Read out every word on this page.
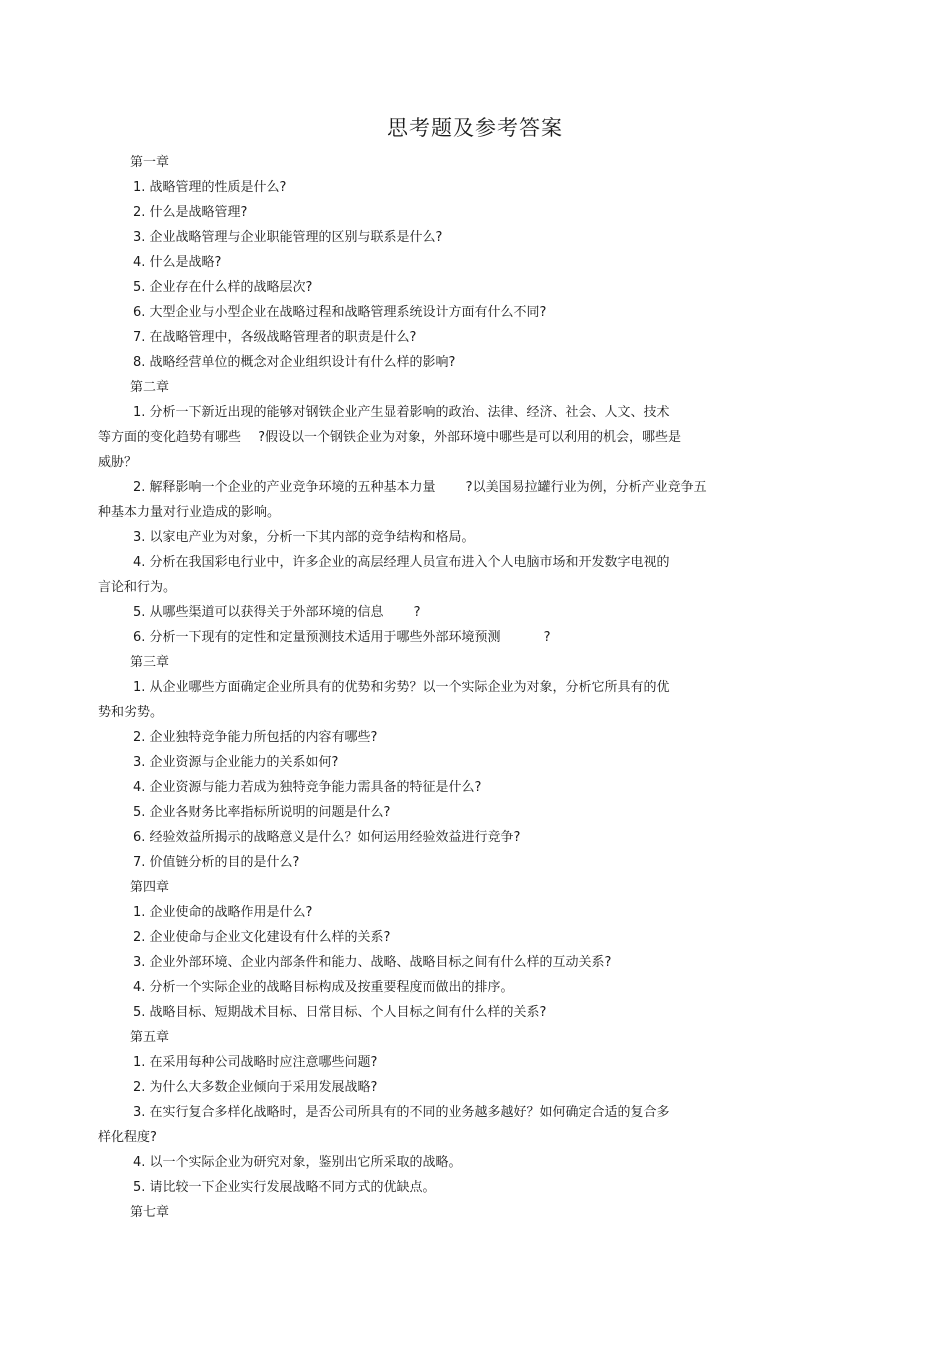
思考题及参考答案

第一章

1. 战略管理的性质是什么?

2. 什么是战略管理?

3. 企业战略管理与企业职能管理的区别与联系是什么?

4. 什么是战略?

5. 企业存在什么样的战略层次?

6. 大型企业与小型企业在战略过程和战略管理系统设计方面有什么不同?

7. 在战略管理中，各级战略管理者的职责是什么?

8. 战略经营单位的概念对企业组织设计有什么样的影响?

第二章

1. 分析一下新近出现的能够对钢铁企业产生显着影响的政治、法律、经济、社会、人文、技术
等方面的变化趋势有哪些　 ?假设以一个钢铁企业为对象，外部环境中哪些是可以利用的机会，哪些是
威胁？

2. 解释影响一个企业的产业竞争环境的五种基本力量　　 ?以美国易拉罐行业为例，分析产业竞争五
种基本力量对行业造成的影响。

3. 以家电产业为对象，分析一下其内部的竞争结构和格局。

4. 分析在我国彩电行业中，许多企业的高层经理人员宣布进入个人电脑市场和开发数字电视的
言论和行为。

5. 从哪些渠道可以获得关于外部环境的信息　　 ?

6. 分析一下现有的定性和定量预测技术适用于哪些外部环境预测　　　 ?

第三章

1. 从企业哪些方面确定企业所具有的优势和劣势？以一个实际企业为对象，分析它所具有的优
势和劣势。

2. 企业独特竞争能力所包括的内容有哪些?

3. 企业资源与企业能力的关系如何?

4. 企业资源与能力若成为独特竞争能力需具备的特征是什么?

5. 企业各财务比率指标所说明的问题是什么?

6. 经验效益所揭示的战略意义是什么？如何运用经验效益进行竞争?

7. 价值链分析的目的是什么?

第四章

1. 企业使命的战略作用是什么?

2. 企业使命与企业文化建设有什么样的关系?

3. 企业外部环境、企业内部条件和能力、战略、战略目标之间有什么样的互动关系?

4. 分析一个实际企业的战略目标构成及按重要程度而做出的排序。

5. 战略目标、短期战术目标、日常目标、个人目标之间有什么样的关系?

第五章

1. 在采用每种公司战略时应注意哪些问题?

2. 为什么大多数企业倾向于采用发展战略?

3. 在实行复合多样化战略时，是否公司所具有的不同的业务越多越好？如何确定合适的复合多
样化程度?

4. 以一个实际企业为研究对象，鉴别出它所采取的战略。

5. 请比较一下企业实行发展战略不同方式的优缺点。

第七章
